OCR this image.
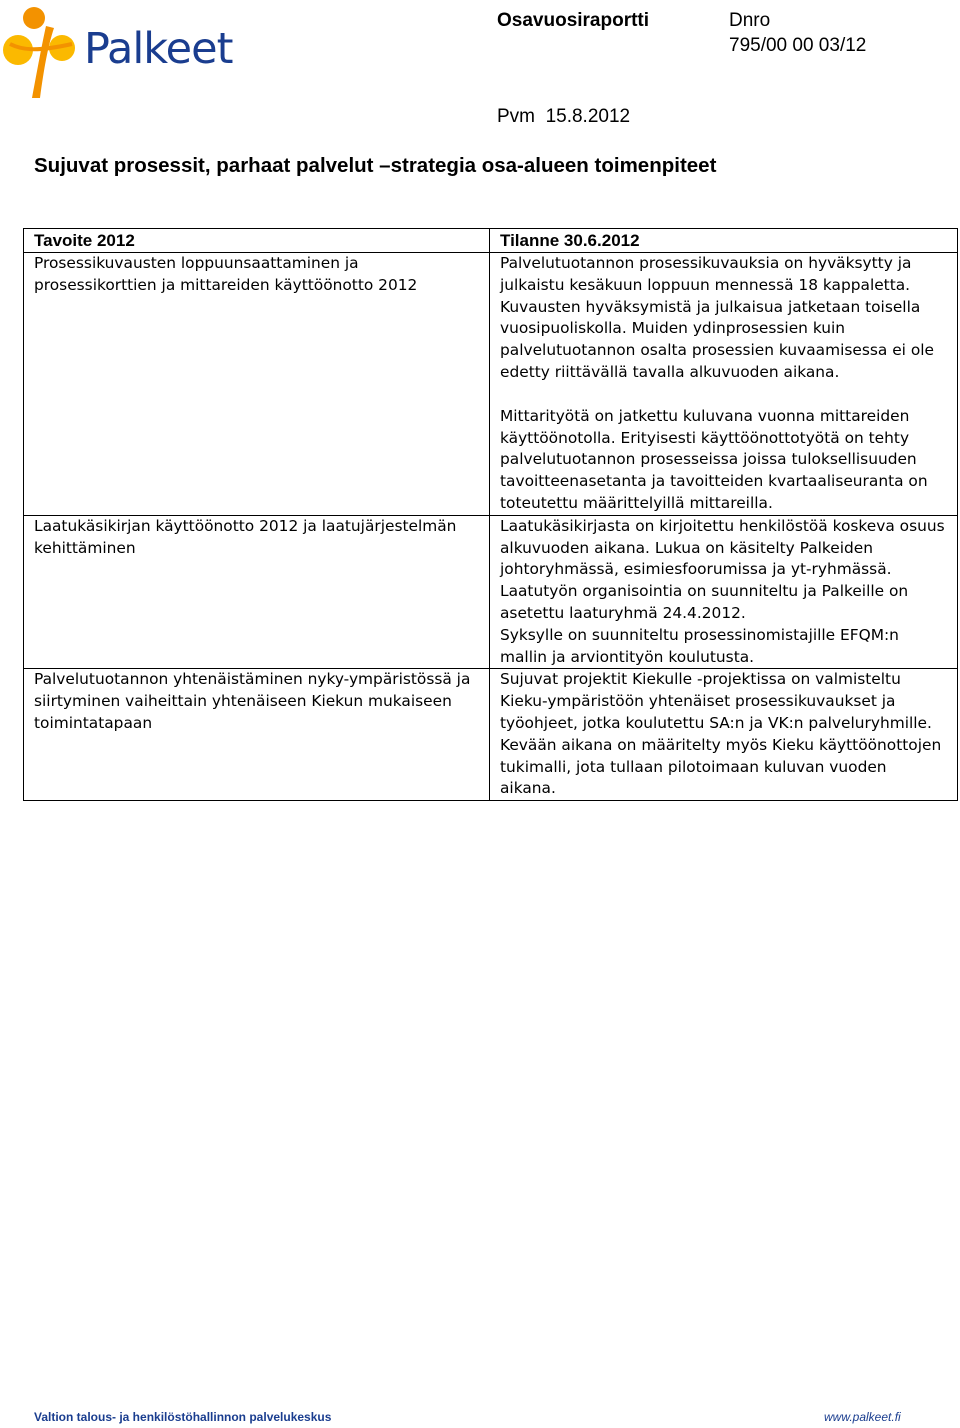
Palkeet
Osavuosiraportti	Dnro
795/00 00 03/12
Pvm 15.8.2012
Sujuvat prosessit, parhaat palvelut –strategia osa-alueen toimenpiteet
Tavoite 2012	Tilanne 30.6.2012

Prosessikuvausten loppuunsaattaminen ja prosessikorttien ja mittareiden käyttöönotto 2012	Palvelutuotannon prosessikuvauksia on hyväksytty ja julkaistu kesäkuun loppuun mennessä 18 kappaletta. Kuvausten hyväksymistä ja julkaisua jatketaan toisella vuosipuoliskolla. Muiden ydinprosessien kuin palvelutuotannon osalta prosessien kuvaamisessa ei ole edetty riittävällä tavalla alkuvuoden aikana.
Mittarityötä on jatkettu kuluvana vuonna mittareiden käyttöönotolla. Erityisesti käyttöönottotyötä on tehty palvelutuotannon prosesseissa joissa tuloksellisuuden tavoitteenasetanta ja tavoitteiden kvartaaliseuranta on toteutettu määrittelyillä mittareilla.

Laatukäsikirjan käyttöönotto 2012 ja laatujärjestelmän kehittäminen	Laatukäsikirjasta on kirjoitettu henkilöstöä koskeva osuus alkuvuoden aikana. Lukua on käsitelty Palkeiden johtoryhmässä, esimiesfoorumissa ja yt-ryhmässä. Laatutyön organisointia on suunniteltu ja Palkeille on asetettu laaturyhmä 24.4.2012.
Syksylle on suunniteltu prosessinomistajille EFQM:n mallin ja arviontityön koulutusta.

Palvelutuotannon yhtenäistäminen nyky-ympäristössä ja siirtyminen vaiheittain yhtenäiseen Kiekun mukaiseen toimintatapaan	Sujuvat projektit Kiekulle -projektissa on valmisteltu Kieku-ympäristöön yhtenäiset prosessikuvaukset ja työohjeet, jotka koulutettu SA:n ja VK:n palveluryhmille. Kevään aikana on määritelty myös Kieku käyttöönottojen tukimalli, jota tullaan pilotoimaan kuluvan vuoden aikana.
Valtion talous- ja henkilöstöhallinnon palvelukeskus	www.palkeet.fi
